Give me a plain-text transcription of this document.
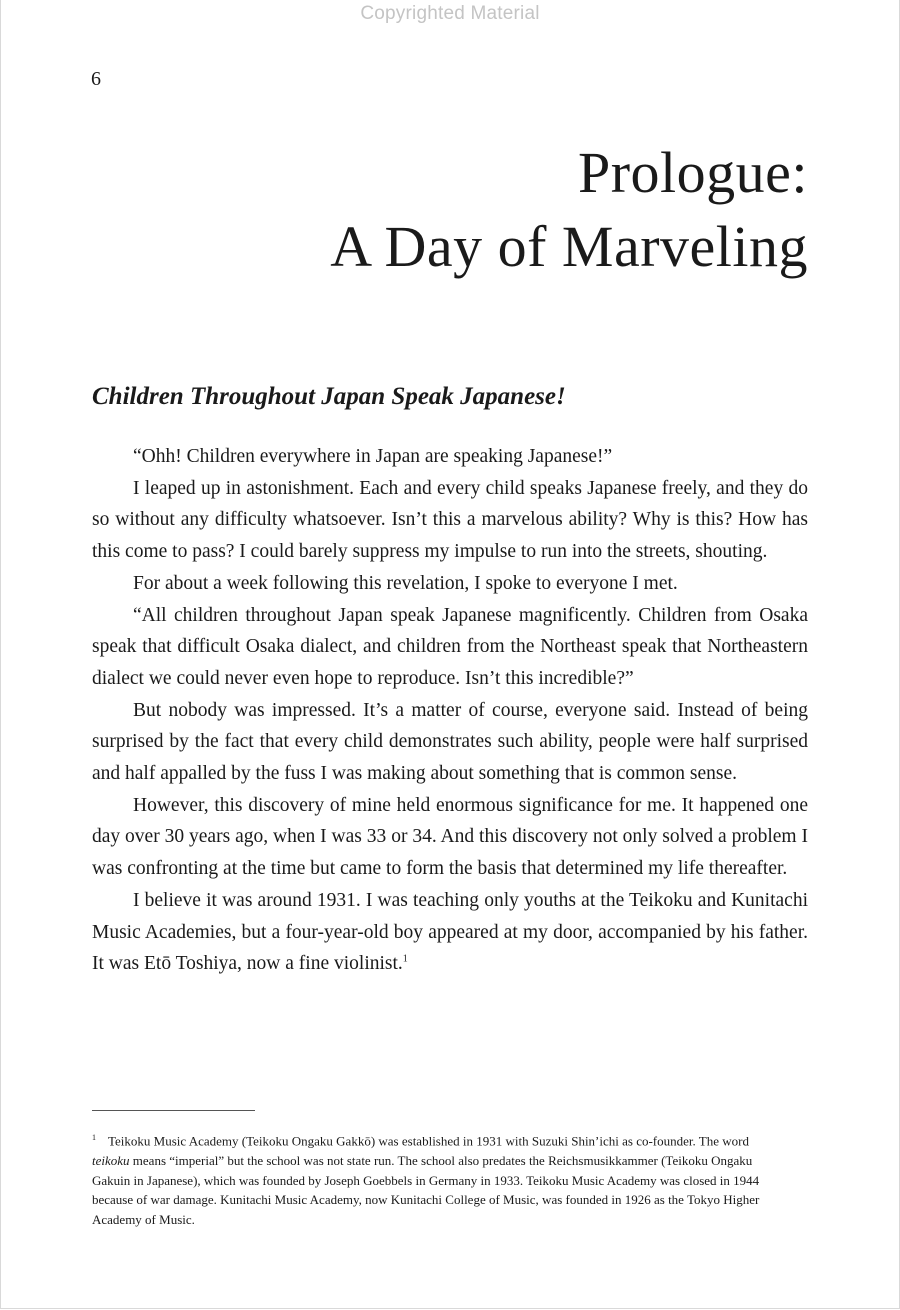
Copyrighted Material
6
Prologue:
A Day of Marveling
Children Throughout Japan Speak Japanese!

“Ohh! Children everywhere in Japan are speaking Japanese!”

I leaped up in astonishment. Each and every child speaks Japanese freely, and they do so without any difficulty whatsoever. Isn’t this a marvelous ability? Why is this? How has this come to pass? I could barely suppress my impulse to run into the streets, shouting.

For about a week following this revelation, I spoke to everyone I met.

“All children throughout Japan speak Japanese magnificently. Children from Osaka speak that difficult Osaka dialect, and children from the Northeast speak that Northeastern dialect we could never even hope to reproduce. Isn’t this incredible?”

But nobody was impressed. It’s a matter of course, everyone said. Instead of being surprised by the fact that every child demonstrates such ability, people were half surprised and half appalled by the fuss I was making about something that is common sense.

However, this discovery of mine held enormous significance for me. It happened one day over 30 years ago, when I was 33 or 34. And this discovery not only solved a problem I was confronting at the time but came to form the basis that determined my life thereafter.

I believe it was around 1931. I was teaching only youths at the Teikoku and Kunitachi Music Academies, but a four-year-old boy appeared at my door, accompanied by his father. It was Etō Toshiya, now a fine violinist.$^1$

$^1$ Teikoku Music Academy (Teikoku Ongaku Gakkō) was established in 1931 with Suzuki Shin’ichi as co-founder. The word teikoku means “imperial” but the school was not state run. The school also predates the Reichsmusikkammer (Teikoku Ongaku Gakuin in Japanese), which was founded by Joseph Goebbels in Germany in 1933. Teikoku Music Academy was closed in 1944 because of war damage. Kunitachi Music Academy, now Kunitachi College of Music, was founded in 1926 as the Tokyo Higher Academy of Music.
